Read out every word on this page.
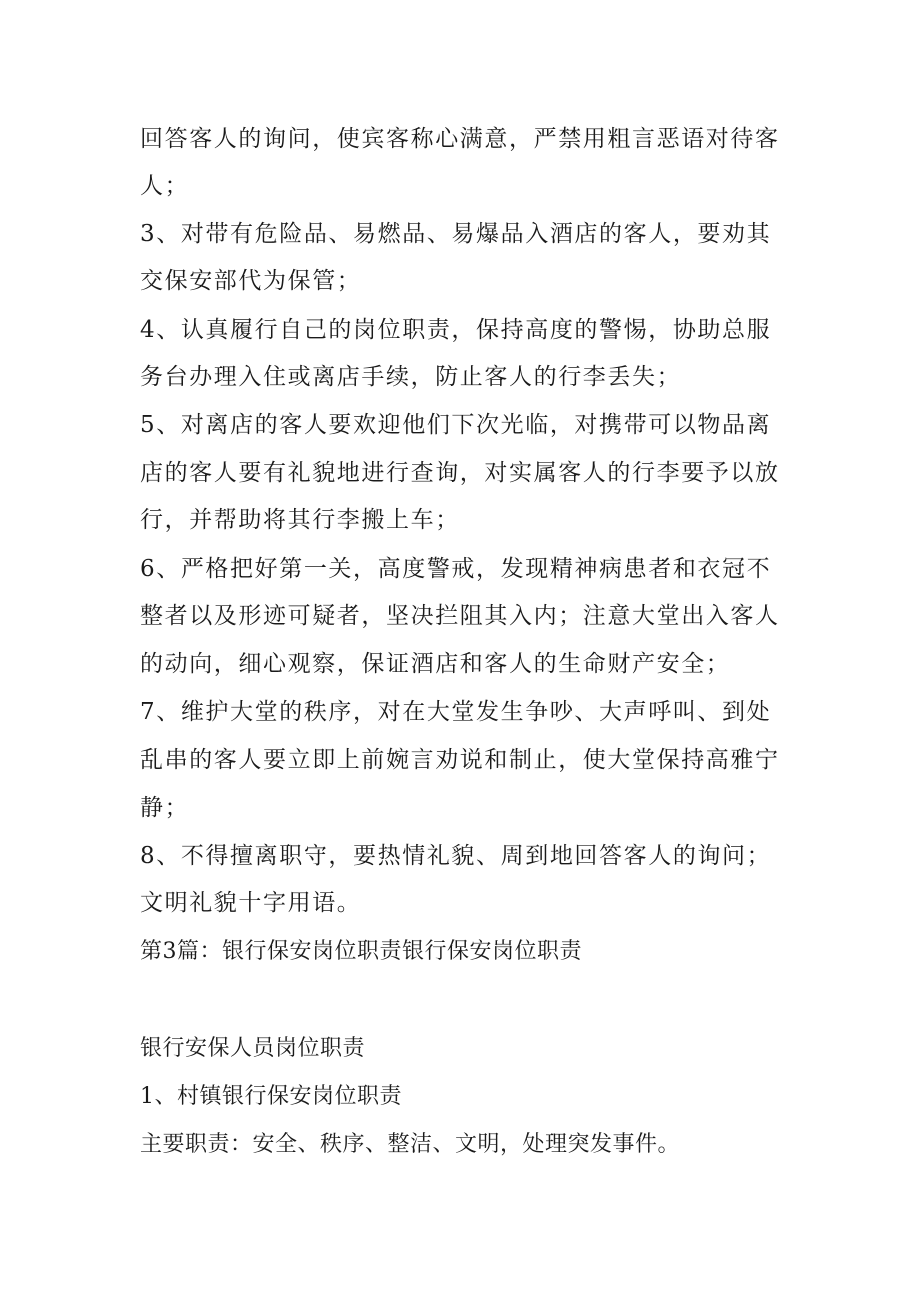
回答客人的询问，使宾客称心满意，严禁用粗言恶语对待客
人；
3、对带有危险品、易燃品、易爆品入酒店的客人，要劝其
交保安部代为保管；
4、认真履行自己的岗位职责，保持高度的警惕，协助总服
务台办理入住或离店手续，防止客人的行李丢失；
5、对离店的客人要欢迎他们下次光临，对携带可以物品离
店的客人要有礼貌地进行查询，对实属客人的行李要予以放
行，并帮助将其行李搬上车；
6、严格把好第一关，高度警戒，发现精神病患者和衣冠不
整者以及形迹可疑者，坚决拦阻其入内；注意大堂出入客人
的动向，细心观察，保证酒店和客人的生命财产安全；
7、维护大堂的秩序，对在大堂发生争吵、大声呼叫、到处
乱串的客人要立即上前婉言劝说和制止，使大堂保持高雅宁
静；
8、不得擅离职守，要热情礼貌、周到地回答客人的询问；
文明礼貌十字用语。
第3篇：银行保安岗位职责银行保安岗位职责
银行安保人员岗位职责
1、村镇银行保安岗位职责
主要职责：安全、秩序、整洁、文明，处理突发事件。
